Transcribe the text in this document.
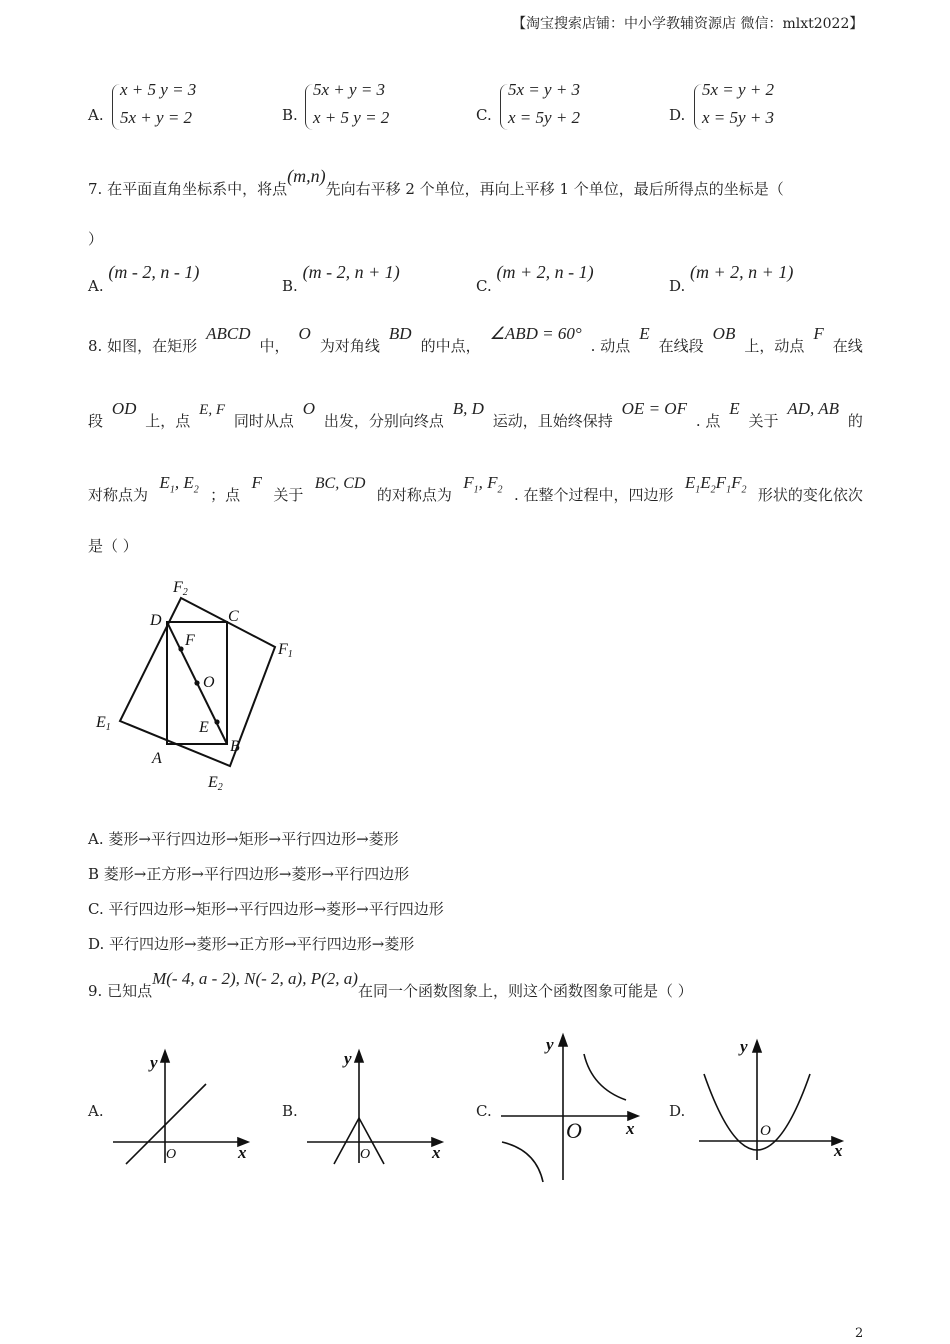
【淘宝搜索店铺：中小学教辅资源店 微信：mlxt2022】
A.
x + 5 y = 3
5x + y = 2	B.
5x + y = 3
x + 5 y = 2	C.
5x = y + 3
x = 5y + 2	D.
5x = y + 2
x = 5y + 3
7. 在平面直角坐标系中，将点(m,n)先向右平移 2 个单位，再向上平移 1 个单位，最后所得点的坐标是（
）
A. (m - 2, n - 1)
B. (m - 2, n + 1)
C. (m + 2, n - 1)
D. (m + 2, n + 1)
8. 如图，在矩形
ABCD
中，
O
为对角线
BD
的中点，
∠ABD = 60°
. 动点
E
在线段
OB
上，动点
F
在线
段
OD
上，点
E, F
同时从点
O
出发，分别向终点
B, D
运动，且始终保持
OE = OF
. 点
E
关于
AD, AB
的
对称点为
$E_1$, $E_2$ ；点
F
关于
BC, CD
的对称点为
$F_1$, $F_2$ . 在整个过程中，四边形
$E_1E_2F_1F_2$ 形状的变化依次
是（ ）
F2
D	C
F1
F
O
E1	E
A
B
E2
A. 菱形→平行四边形→矩形→平行四边形→菱形
B 菱形→正方形→平行四边形→菱形→平行四边形
C. 平行四边形→矩形→平行四边形→菱形→平行四边形
D. 平行四边形→菱形→正方形→平行四边形→菱形
9. 已知点M(- 4, a - 2), N(- 2, a), P(2, a)在同一个函数图象上，则这个函数图象可能是（ ）
A.
y
x
O
B.
y
x
O
C.
y
x
O
D.
y
x
O
2
